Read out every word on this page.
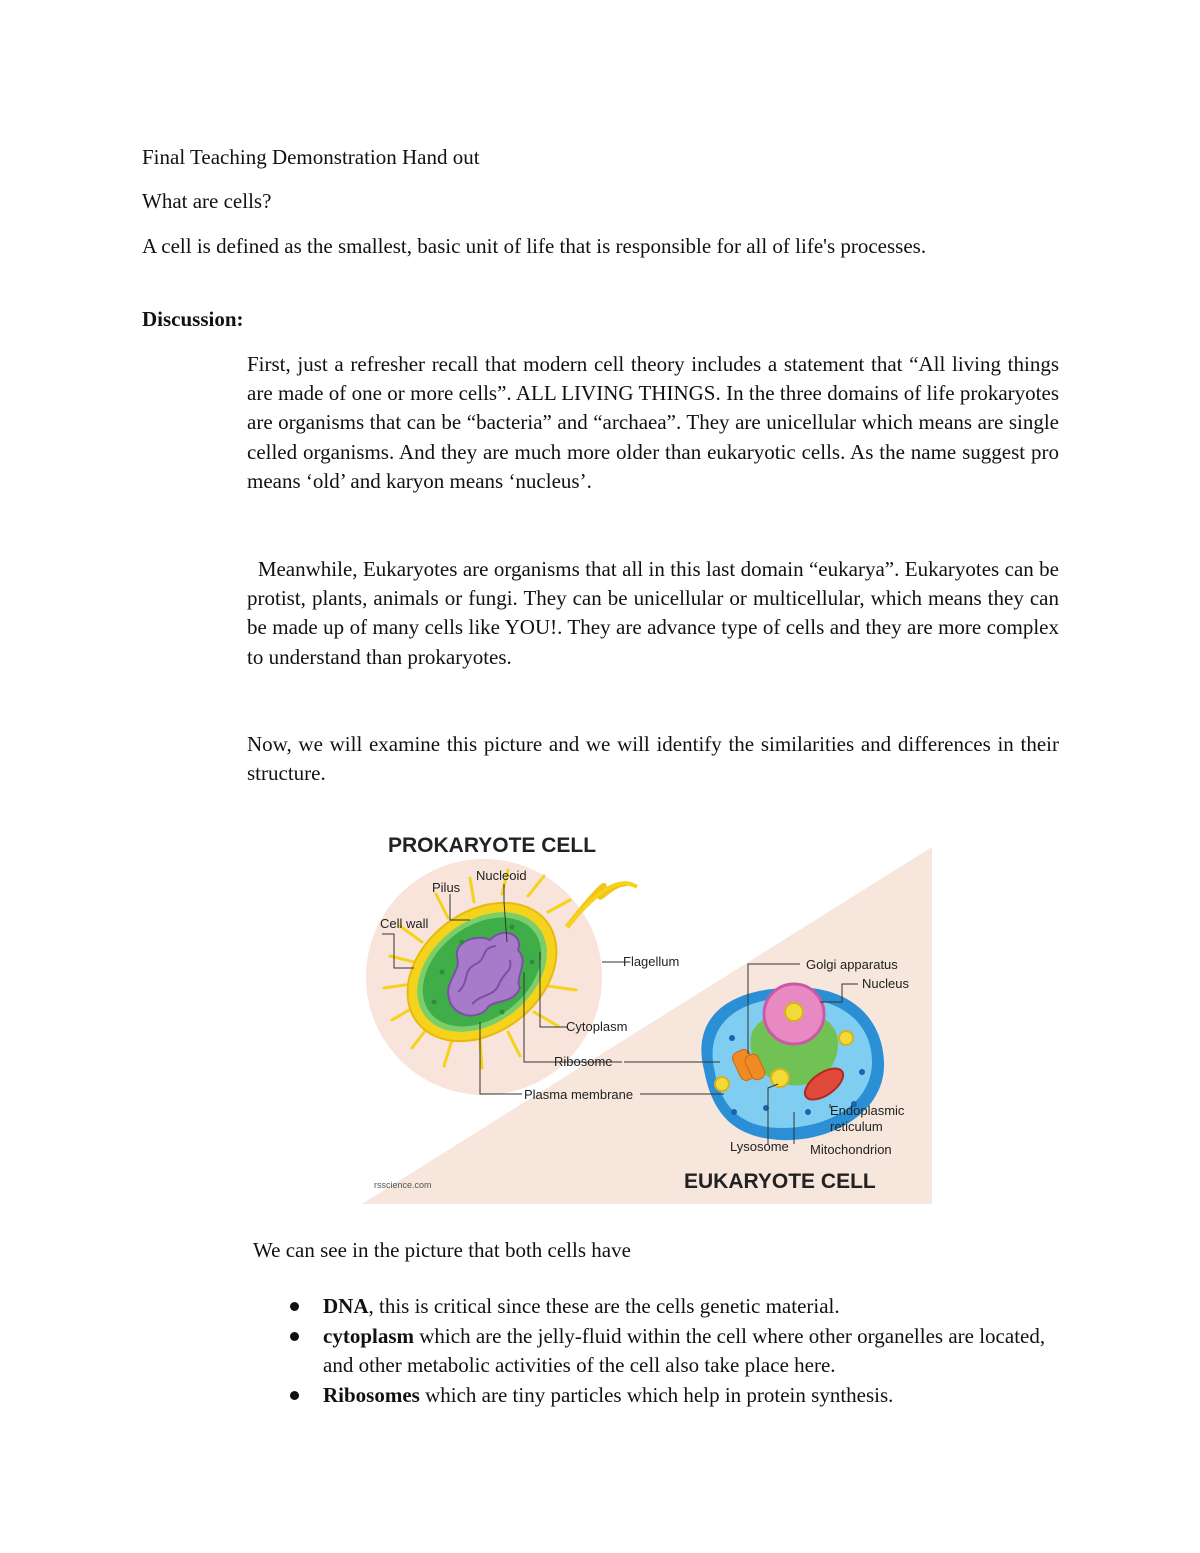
Final Teaching Demonstration Hand out

What are cells?

A cell is defined as the smallest, basic unit of life that is responsible for all of life's processes.

Discussion:

First, just a refresher recall that modern cell theory includes a statement that “All living things are made of one or more cells”. ALL LIVING THINGS. In the three domains of life prokaryotes are organisms that can be “bacteria” and “archaea”. They are unicellular which means are single celled organisms. And they are much more older than eukaryotic cells. As the name suggest pro means ‘old’ and karyon means ‘nucleus’.

Meanwhile, Eukaryotes are organisms that all in this last domain “eukarya”. Eukaryotes can be protist, plants, animals or fungi. They can be unicellular or multicellular, which means they can be made up of many cells like YOU!. They are advance type of cells and they are more complex to understand than prokaryotes.

Now, we will examine this picture and we will identify the similarities and differences in their structure.

PROKARYOTE CELL
EUKARYOTE CELL
rsscience.com
Nucleoid
Pilus
Cell wall
Flagellum
Cytoplasm
Ribosome
Plasma membrane
Golgi apparatus
Nucleus
Endoplasmic
reticulum
Lysosome Mitochondrion

We can see in the picture that both cells have

DNA, this is critical since these are the cells genetic material.
cytoplasm which are the jelly-fluid within the cell where other organelles are located, and other metabolic activities of the cell also take place here.
Ribosomes which are tiny particles which help in protein synthesis.
